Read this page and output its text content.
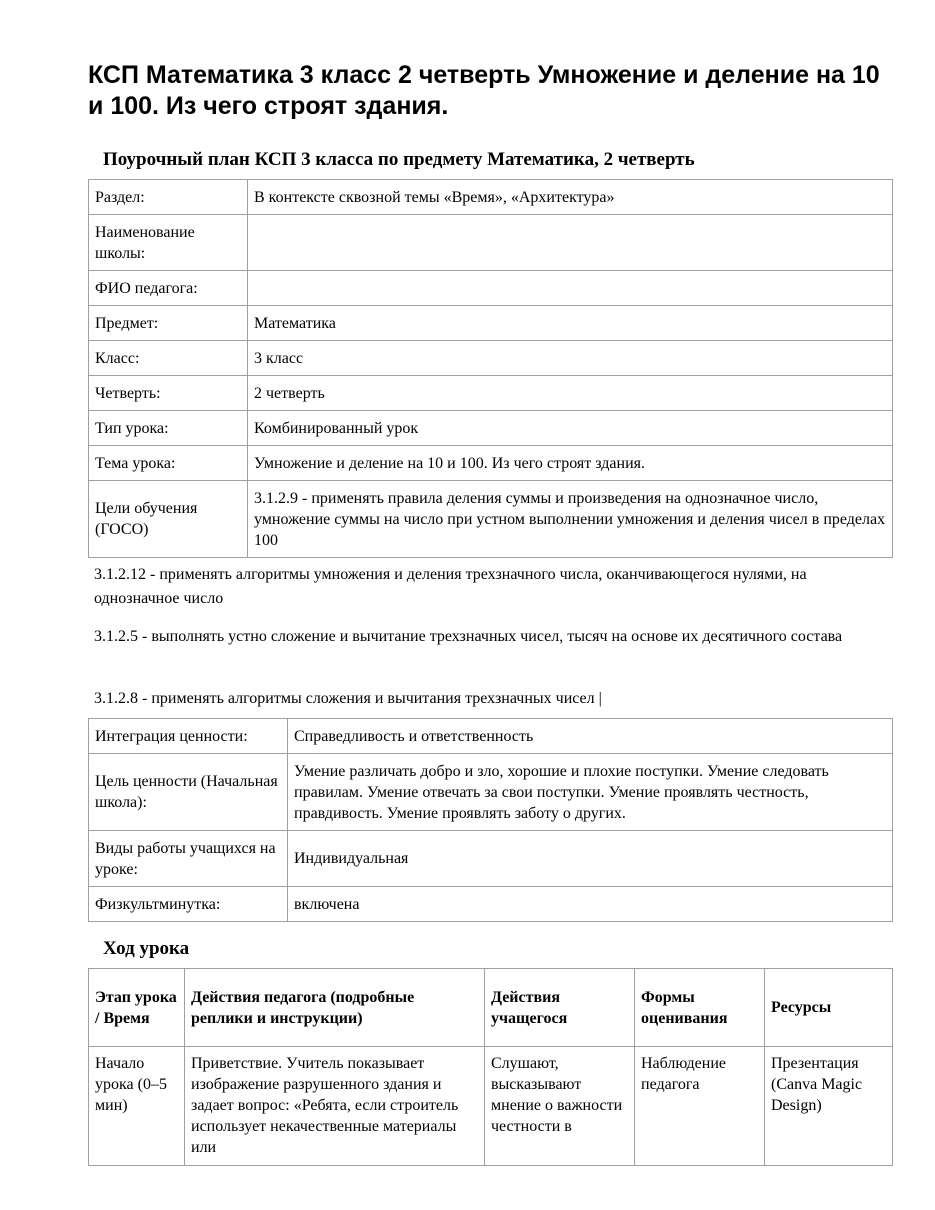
КСП Математика 3 класс 2 четверть Умножение и деление на 10 и 100. Из чего строят здания.
Поурочный план КСП 3 класса по предмету Математика, 2 четверть
Раздел:	В контексте сквозной темы «Время», «Архитектура»
Наименование школы:	
ФИО педагога:	
Предмет:	Математика
Класс:	3 класс
Четверть:	2 четверть
Тип урока:	Комбинированный урок
Тема урока:	Умножение и деление на 10 и 100. Из чего строят здания.
Цели обучения (ГОСО)	3.1.2.9 - применять правила деления суммы и произведения на однозначное число, умножение суммы на число при устном выполнении умножения и деления чисел в пределах 100

3.1.2.12 - применять алгоритмы умножения и деления трехзначного числа, оканчивающегося нулями, на однозначное число

3.1.2.5 - выполнять устно сложение и вычитание трехзначных чисел, тысяч на основе их десятичного состава

3.1.2.8 - применять алгоритмы сложения и вычитания трехзначных чисел |

Интеграция ценности:	Справедливость и ответственность
Цель ценности (Начальная школа):	Умение различать добро и зло, хорошие и плохие поступки. Умение следовать правилам. Умение отвечать за свои поступки. Умение проявлять честность, правдивость. Умение проявлять заботу о других.
Виды работы учащихся на уроке:	Индивидуальная
Физкультминутка:	включена
Ход урока
Этап урока / Время	Действия педагога (подробные реплики и инструкции)	Действия учащегося	Формы оценивания	Ресурсы
Начало урока (0–5 мин)	Приветствие. Учитель показывает изображение разрушенного здания и задает вопрос: «Ребята, если строитель использует некачественные материалы или	Слушают, высказывают мнение о важности честности в	Наблюдение педагога	Презентация (Canva Magic Design)
